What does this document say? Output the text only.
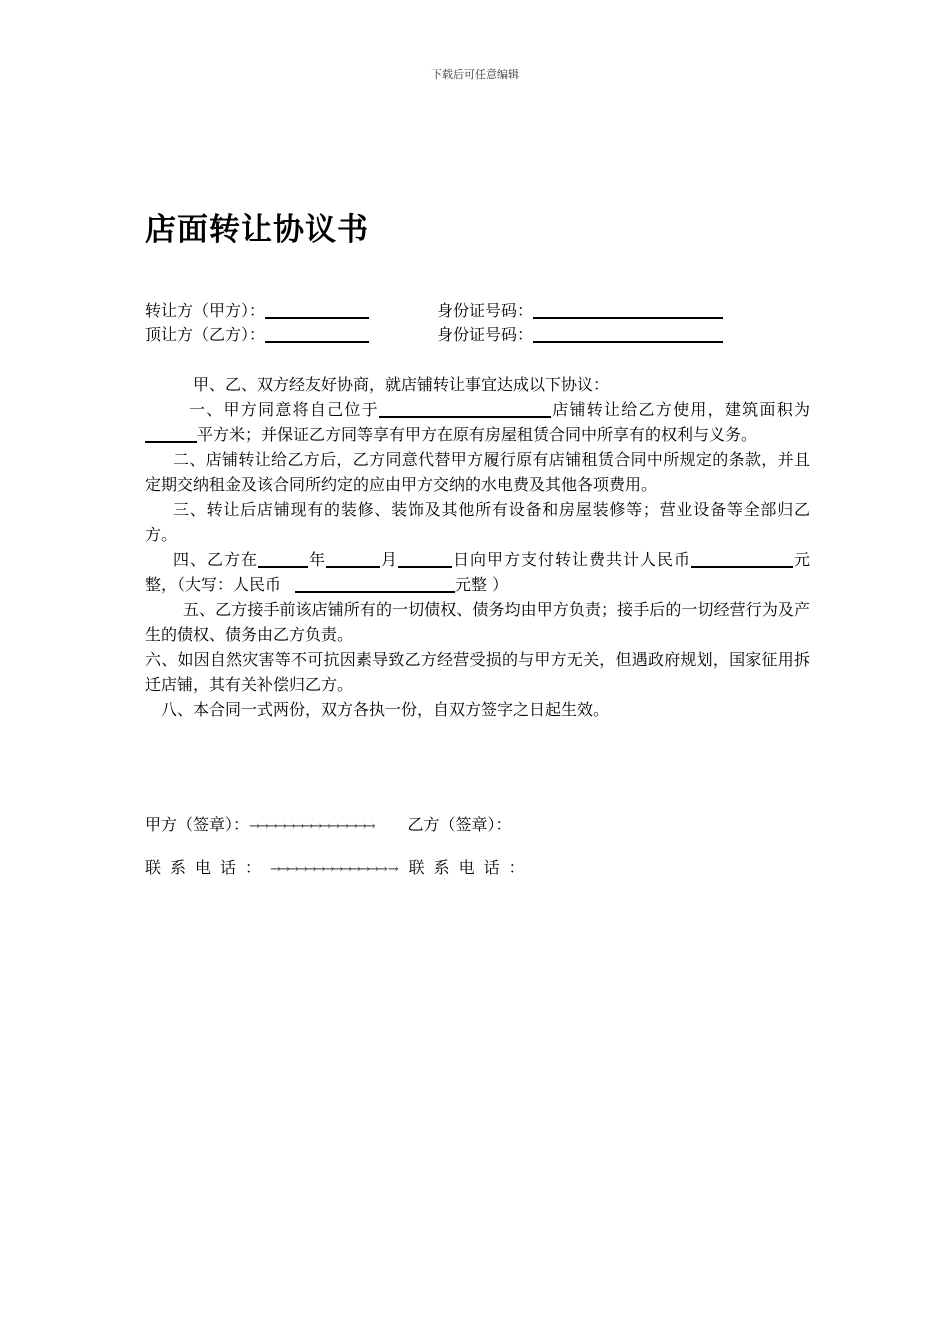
下载后可任意编辑
店面转让协议书
转让方（甲方）：	身份证号码：
顶让方（乙方）：	身份证号码：

甲、乙、双方经友好协商，就店铺转让事宜达成以下协议：

一、甲方同意将自己位于	店铺转让给乙方使用，建筑面积为平方米；并保证乙方同等享有甲方在原有房屋租赁合同中所享有的权利与义务。

二、店铺转让给乙方后，乙方同意代替甲方履行原有店铺租赁合同中所规定的条款，并且定期交纳租金及该合同所约定的应由甲方交纳的水电费及其他各项费用。

三、转让后店铺现有的装修、装饰及其他所有设备和房屋装修等；营业设备等全部归乙方。

四、乙方在	年	月	日向甲方支付转让费共计人民币	元整，（大写：人民币	元整 ）

五、乙方接手前该店铺所有的一切债权、债务均由甲方负责；接手后的一切经营行为及产生的债权、债务由乙方负责。

六、如因自然灾害等不可抗因素导致乙方经营受损的与甲方无关，但遇政府规划，国家征用拆迁店铺，其有关补偿归乙方。

八、本合同一式两份，双方各执一份，自双方签字之日起生效。

甲方（签章）：→→→→→→→→→→→→→→ 乙方（签章）：
联系电话：→→→→→→→→→→→→→ → 联系电话：
